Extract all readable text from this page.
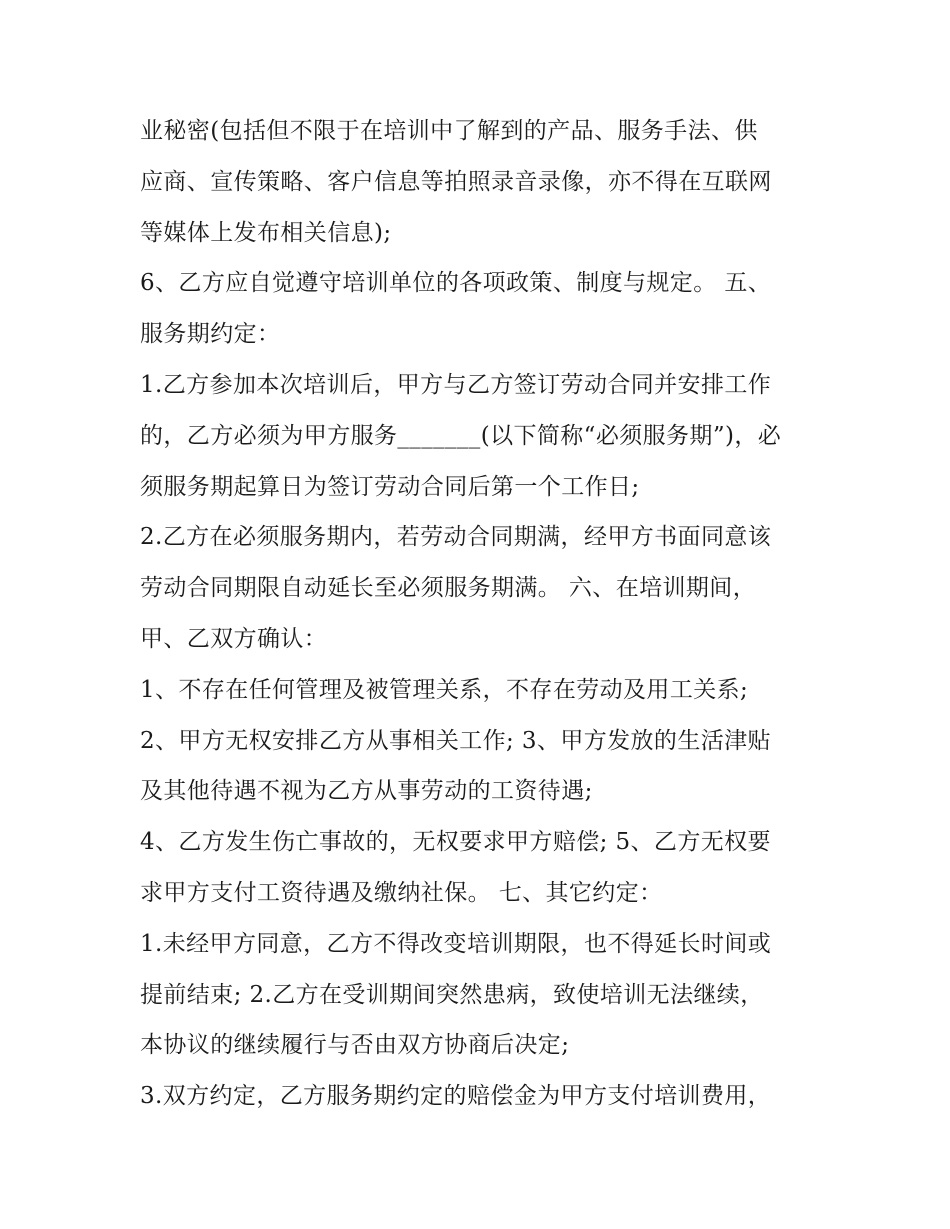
业秘密(包括但不限于在培训中了解到的产品、服务手法、供
应商、宣传策略、客户信息等拍照录音录像，亦不得在互联网
等媒体上发布相关信息);
6、乙方应自觉遵守培训单位的各项政策、制度与规定。 五、
服务期约定：
1.乙方参加本次培训后，甲方与乙方签订劳动合同并安排工作
的，乙方必须为甲方服务_______(以下简称“必须服务期”)，必
须服务期起算日为签订劳动合同后第一个工作日;
2.乙方在必须服务期内，若劳动合同期满，经甲方书面同意该
劳动合同期限自动延长至必须服务期满。 六、在培训期间，
甲、乙双方确认：
1、不存在任何管理及被管理关系，不存在劳动及用工关系;
2、甲方无权安排乙方从事相关工作; 3、甲方发放的生活津贴
及其他待遇不视为乙方从事劳动的工资待遇;
4、乙方发生伤亡事故的，无权要求甲方赔偿; 5、乙方无权要
求甲方支付工资待遇及缴纳社保。 七、其它约定：
1.未经甲方同意，乙方不得改变培训期限，也不得延长时间或
提前结束; 2.乙方在受训期间突然患病，致使培训无法继续，
本协议的继续履行与否由双方协商后决定;
3.双方约定，乙方服务期约定的赔偿金为甲方支付培训费用，
